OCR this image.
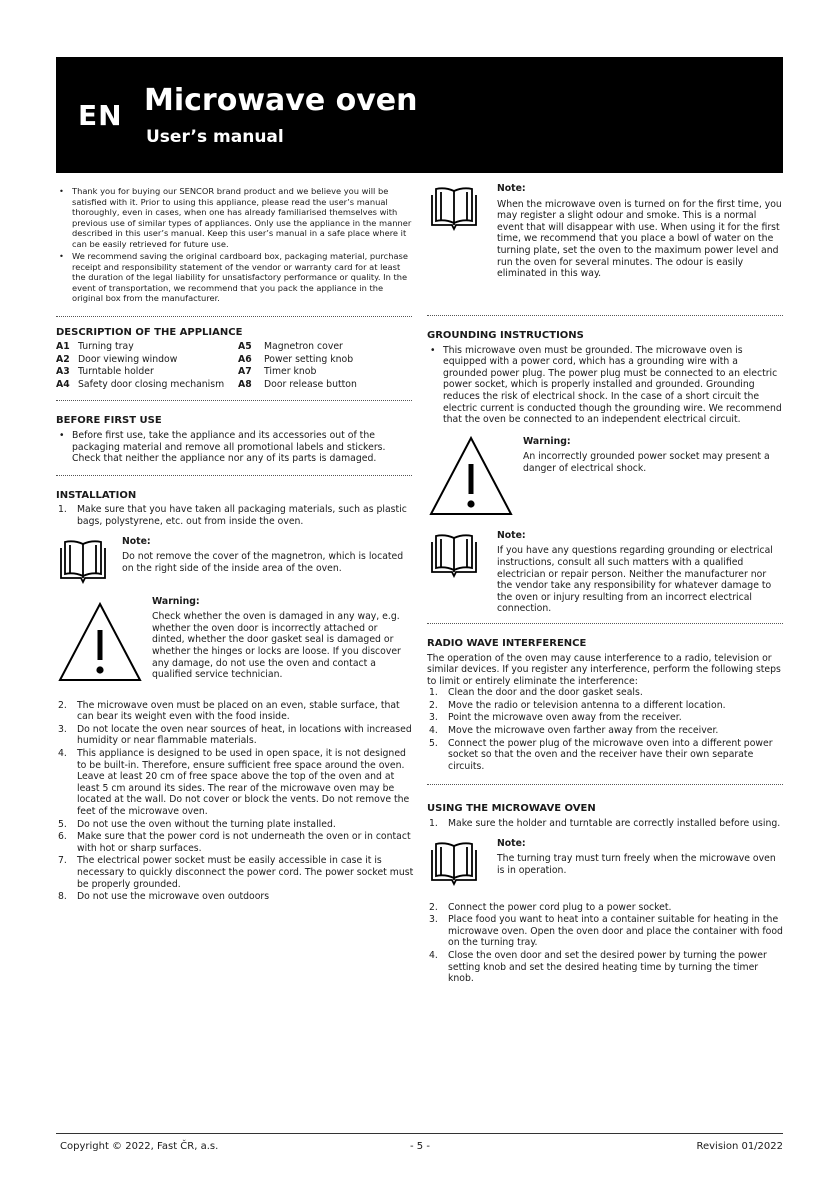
EN Microwave oven
User’s manual
• Thank you for buying our SENCOR brand product and we believe you will be satisfied with it. Prior to using this appliance, please read the user’s manual thoroughly, even in cases, when one has already familiarised themselves with previous use of similar types of appliances. Only use the appliance in the manner described in this user’s manual. Keep this user’s manual in a safe place where it can be easily retrieved for future use.
• We recommend saving the original cardboard box, packaging material, purchase receipt and responsibility statement of the vendor or warranty card for at least the duration of the legal liability for unsatisfactory performance or quality. In the event of transportation, we recommend that you pack the appliance in the original box from the manufacturer.
DESCRIPTION OF THE APPLIANCE
A1 Turning tray	A5	Magnetron cover
A2 Door viewing window	A6	Power setting knob
A3 Turntable holder	A7	Timer knob
A4 Safety door closing mechanism	A8	Door release button
BEFORE FIRST USE
• Before first use, take the appliance and its accessories out of the packaging material and remove all promotional labels and stickers. Check that neither the appliance nor any of its parts is damaged.
INSTALLATION
1. Make sure that you have taken all packaging materials, such as plastic bags, polystyrene, etc. out from inside the oven.
Note:
Do not remove the cover of the magnetron, which is located on the right side of the inside area of the oven.
Warning:
Check whether the oven is damaged in any way, e.g. whether the oven door is incorrectly attached or dinted, whether the door gasket seal is damaged or whether the hinges or locks are loose. If you discover any damage, do not use the oven and contact a qualified service technician.
2. The microwave oven must be placed on an even, stable surface, that can bear its weight even with the food inside.
3. Do not locate the oven near sources of heat, in locations with increased humidity or near flammable materials.
4. This appliance is designed to be used in open space, it is not designed to be built-in. Therefore, ensure sufficient free space around the oven. Leave at least 20 cm of free space above the top of the oven and at least 5 cm around its sides. The rear of the microwave oven may be located at the wall. Do not cover or block the vents. Do not remove the feet of the microwave oven.
5. Do not use the oven without the turning plate installed.
6. Make sure that the power cord is not underneath the oven or in contact with hot or sharp surfaces.
7. The electrical power socket must be easily accessible in case it is necessary to quickly disconnect the power cord. The power socket must be properly grounded.
8. Do not use the microwave oven outdoors
Note:
When the microwave oven is turned on for the first time, you may register a slight odour and smoke. This is a normal event that will disappear with use. When using it for the first time, we recommend that you place a bowl of water on the turning plate, set the oven to the maximum power level and run the oven for several minutes. The odour is easily eliminated in this way.
GROUNDING INSTRUCTIONS
• This microwave oven must be grounded. The microwave oven is equipped with a power cord, which has a grounding wire with a grounded power plug. The power plug must be connected to an electric power socket, which is properly installed and grounded. Grounding reduces the risk of electrical shock. In the case of a short circuit the electric current is conducted though the grounding wire. We recommend that the oven be connected to an independent electrical circuit.
Warning:
An incorrectly grounded power socket may present a danger of electrical shock.
Note:
If you have any questions regarding grounding or electrical instructions, consult all such matters with a qualified electrician or repair person. Neither the manufacturer nor the vendor take any responsibility for whatever damage to the oven or injury resulting from an incorrect electrical connection.
RADIO WAVE INTERFERENCE

The operation of the oven may cause interference to a radio, television or similar devices. If you register any interference, perform the following steps to limit or entirely eliminate the interference:

1. Clean the door and the door gasket seals.
2. Move the radio or television antenna to a different location.
3. Point the microwave oven away from the receiver.
4. Move the microwave oven farther away from the receiver.
5. Connect the power plug of the microwave oven into a different power socket so that the oven and the receiver have their own separate circuits.
USING THE MICROWAVE OVEN
1. Make sure the holder and turntable are correctly installed before using.
Note:
The turning tray must turn freely when the microwave oven is in operation.
2. Connect the power cord plug to a power socket.
3. Place food you want to heat into a container suitable for heating in the microwave oven. Open the oven door and place the container with food on the turning tray.
4. Close the oven door and set the desired power by turning the power setting knob and set the desired heating time by turning the timer knob.
Copyright © 2022, Fast ČR, a.s.	- 5 -	Revision 01/2022
